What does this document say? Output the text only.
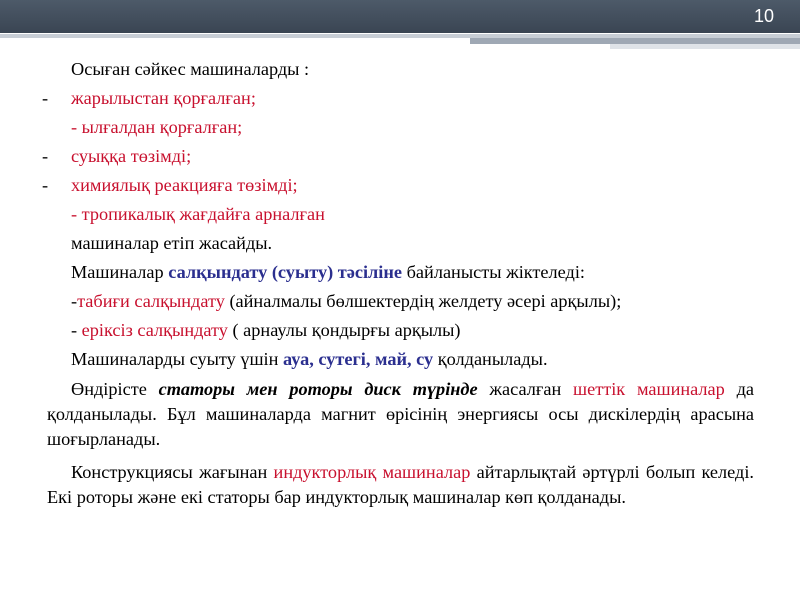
10
Осыған сәйкес машиналарды :
- жарылыстан қорғалған;
- ылғалдан қорғалған;
- суыққа төзімді;
- химиялық реакцияға төзімді;
- тропикалық жағдайға арналған
машиналар етіп жасайды.
Машиналар салқындату (суыту) тәсіліне байланысты жіктеледі:
-табиғи салқындату (айналмалы бөлшектердің желдету әсері арқылы);
- еріксіз салқындату ( арнаулы қондырғы арқылы)
Машиналарды суыту үшін ауа, сутегі, май, су қолданылады.
Өндірісте статоры мен роторы диск түрінде жасалған шеттік машиналар да қолданылады. Бұл машиналарда магнит өрісінің энергиясы осы дискілердің арасына шоғырланады.
Конструкциясы жағынан индукторлық машиналар айтарлықтай әртүрлі болып келеді. Екі роторы және екі статоры бар индукторлық машиналар көп қолданады.
